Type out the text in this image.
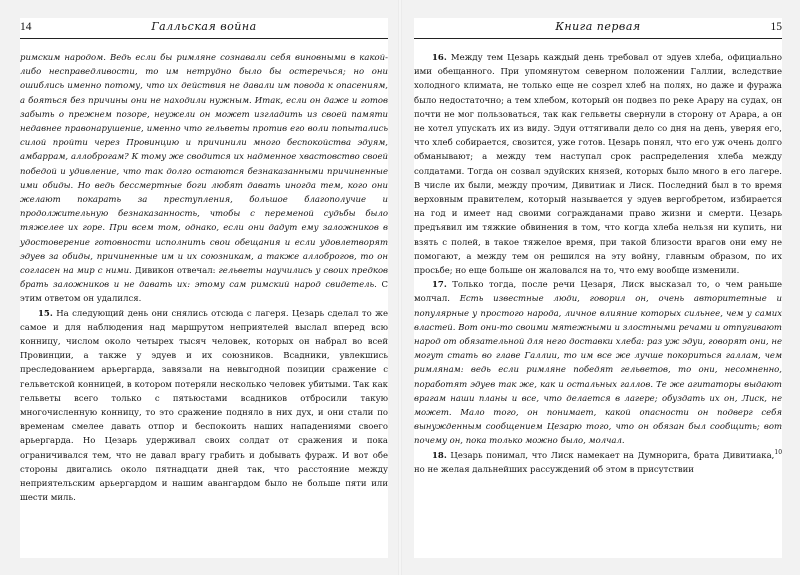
14	Галльская война

римским народом. Ведь если бы римляне сознавали себя виновными в какой-либо несправедливости, то им нетрудно было бы остеречься; но они ошиблись именно потому, что их действия не давали им повода к опасениям, а бояться без причины они не находили нужным. Итак, если он даже и готов забыть о прежнем позоре, неужели он может изгладить из своей памяти недавнее правонарушение, именно что гельветы против его воли попытались силой пройти через Провинцию и причинили много беспокойства эдуям, амбаррам, аллоброгам? К тому же сводится их надменное хвастовство своей победой и удивление, что так долго остаются безнаказанными причиненные ими обиды. Но ведь бессмертные боги любят давать иногда тем, кого они желают покарать за преступления, большое благополучие и продолжительную безнаказанность, чтобы с переменой судьбы было тяжелее их горе. При всем том, однако, если они дадут ему заложников в удостоверение готовности исполнить свои обещания и если удовлетворят эдуев за обиды, причиненные им и их союзникам, а также аллоброгов, то он согласен на мир с ними. Дивикон отвечал: гельветы научились у своих предков брать заложников и не давать их: этому сам римский народ свидетель. С этим ответом он удалился.

15. На следующий день они снялись отсюда с лагеря. Цезарь сделал то же самое и для наблюдения над маршрутом неприятелей выслал вперед всю конницу, числом около четырех тысяч человек, которых он набрал во всей Провинции, а также у эдуев и их союзников. Всадники, увлекшись преследованием арьергарда, завязали на невыгодной позиции сражение с гельветской конницей, в котором потеряли несколько человек убитыми. Так как гельветы всего только с пятьюстами всадников отбросили такую многочисленную конницу, то это сражение подняло в них дух, и они стали по временам смелее давать отпор и беспокоить наших нападениями своего арьергарда. Но Цезарь удерживал своих солдат от сражения и пока ограничивался тем, что не давал врагу грабить и добывать фураж. И вот обе стороны двигались около пятнадцати дней так, что расстояние между неприятельским арьергардом и нашим авангардом было не больше пяти или шести миль.

Книга первая	15

16. Между тем Цезарь каждый день требовал от эдуев хлеба, официально ими обещанного. При упомянутом северном положении Галлии, вследствие холодного климата, не только еще не созрел хлеб на полях, но даже и фуража было недостаточно; а тем хлебом, который он подвез по реке Арару на судах, он почти не мог пользоваться, так как гельветы свернули в сторону от Арара, а он не хотел упускать их из виду. Эдуи оттягивали дело со дня на день, уверяя его, что хлеб собирается, свозится, уже готов. Цезарь понял, что его уж очень долго обманывают; а между тем наступал срок распределения хлеба между солдатами. Тогда он созвал эдуйских князей, которых было много в его лагере. В числе их были, между прочим, Дивитиак и Лиск. Последний был в то время верховным правителем, который называется у эдуев вергобретом, избирается на год и имеет над своими согражданами право жизни и смерти. Цезарь предъявил им тяжкие обвинения в том, что когда хлеба нельзя ни купить, ни взять с полей, в такое тяжелое время, при такой близости врагов они ему не помогают, а между тем он решился на эту войну, главным образом, по их просьбе; но еще больше он жаловался на то, что ему вообще изменили.

17. Только тогда, после речи Цезаря, Лиск высказал то, о чем раньше молчал. Есть известные люди, говорил он, очень авторитетные и популярные у простого народа, личное влияние которых сильнее, чем у самих властей. Вот они-то своими мятежными и злостными речами и отпугивают народ от обязательной для него доставки хлеба: раз уж эдуи, говорят они, не могут стать во главе Галлии, то им все же лучше покориться галлам, чем римлянам: ведь если римляне победят гельветов, то они, несомненно, поработят эдуев так же, как и остальных галлов. Те же агитаторы выдают врагам наши планы и все, что делается в лагере; обуздать их он, Лиск, не может. Мало того, он понимает, какой опасности он подверг себя вынужденным сообщением Цезарю того, что он обязан был сообщить; вот почему он, пока только можно было, молчал.

18. Цезарь понимал, что Лиск намекает на Думнорига, брата Дивитиака,$^{10}$ но не желая дальнейших рассуждений об этом в присутствии
